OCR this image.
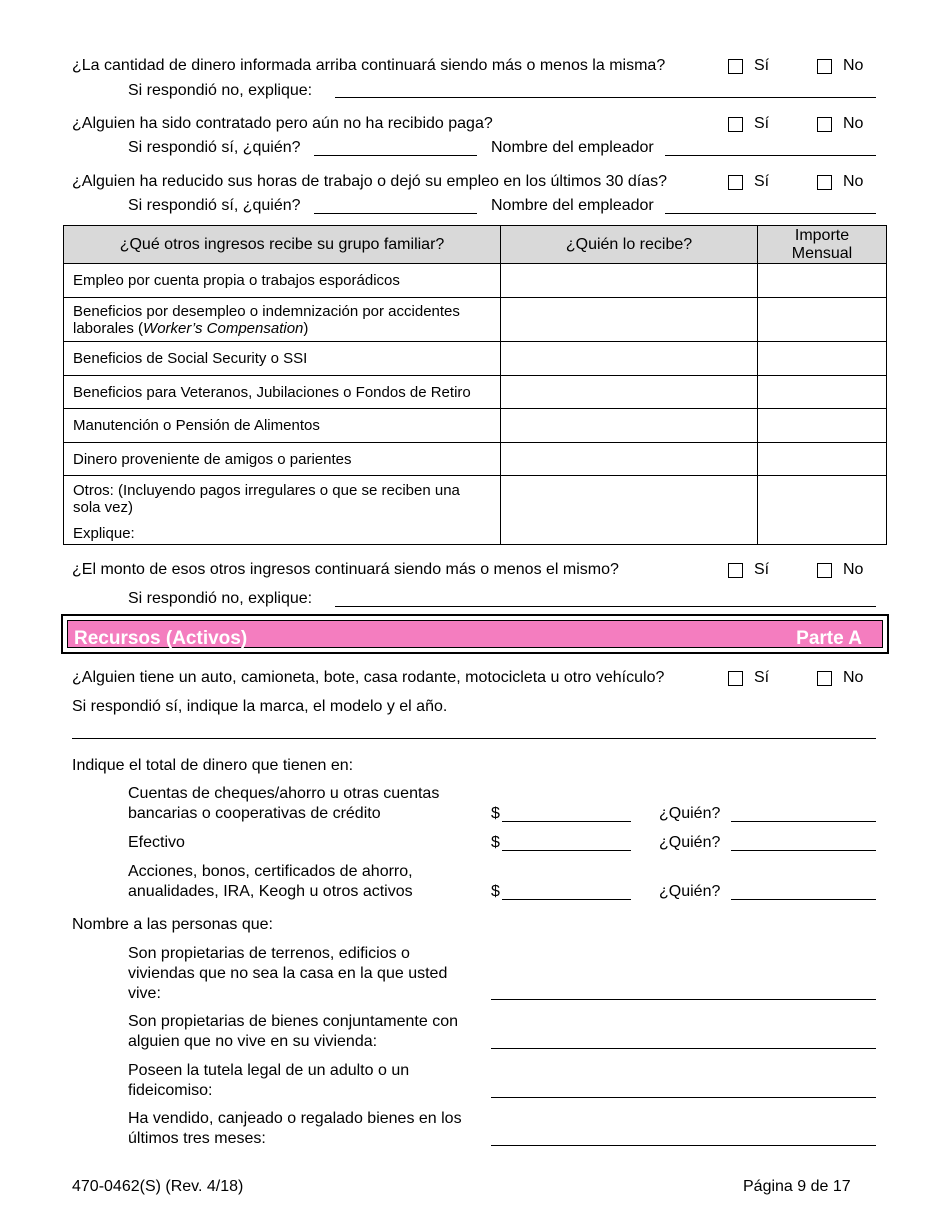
¿La cantidad de dinero informada arriba continuará siendo más o menos la misma?	Sí	No
Si respondió no, explique:
¿Alguien ha sido contratado pero aún no ha recibido paga?	Sí	No
Si respondió sí, ¿quién?	Nombre del empleador
¿Alguien ha reducido sus horas de trabajo o dejó su empleo en los últimos 30 días?	Sí	No
Si respondió sí, ¿quién?	Nombre del empleador
¿Qué otros ingresos recibe su grupo familiar?	¿Quién lo recibe?	Importe Mensual
Empleo por cuenta propia o trabajos esporádicos		
Beneficios por desempleo o indemnización por accidentes laborales (Worker’s Compensation)		
Beneficios de Social Security o SSI		
Beneficios para Veteranos, Jubilaciones o Fondos de Retiro		
Manutención o Pensión de Alimentos		
Dinero proveniente de amigos o parientes		

Otros: (Incluyendo pagos irregulares o que se reciben una sola vez)
Explique:		

¿El monto de esos otros ingresos continuará siendo más o menos el mismo?	Sí	No
Si respondió no, explique:
Recursos (Activos)	Parte A
¿Alguien tiene un auto, camioneta, bote, casa rodante, motocicleta u otro vehículo?	Sí	No
Si respondió sí, indique la marca, el modelo y el año.
Indique el total de dinero que tienen en:
Cuentas de cheques/ahorro u otras cuentas bancarias o cooperativas de crédito	$	¿Quién?
Efectivo	$	¿Quién?
Acciones, bonos, certificados de ahorro, anualidades, IRA, Keogh u otros activos	$	¿Quién?
Nombre a las personas que:
Son propietarias de terrenos, edificios o viviendas que no sea la casa en la que usted vive:
Son propietarias de bienes conjuntamente con alguien que no vive en su vivienda:
Poseen la tutela legal de un adulto o un fideicomiso:
Ha vendido, canjeado o regalado bienes en los últimos tres meses:
470-0462(S) (Rev. 4/18)	Página 9 de 17
